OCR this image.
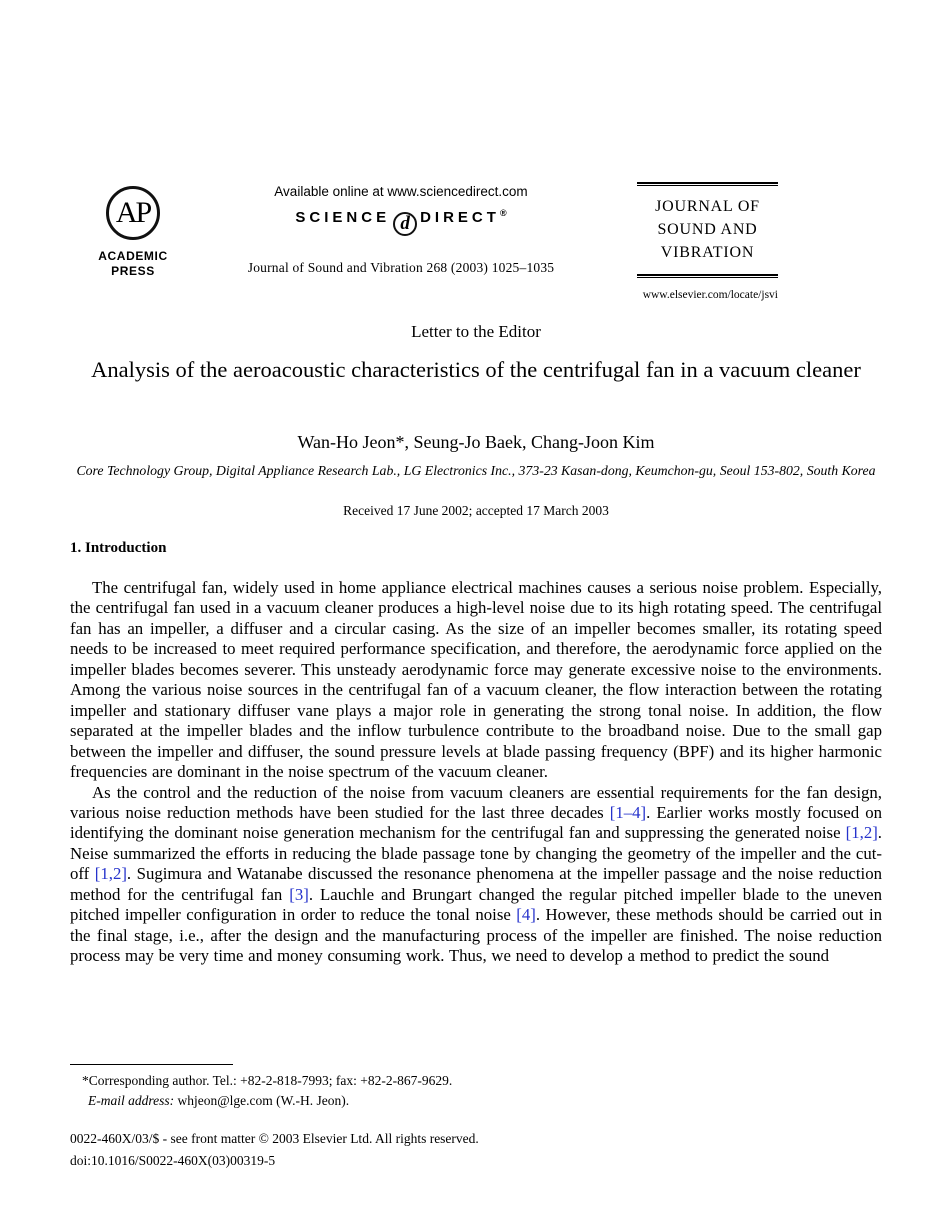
AP
ACADEMIC
PRESS
Available online at www.sciencedirect.com
SCIENCE d DIRECT®
Journal of Sound and Vibration 268 (2003) 1025–1035
JOURNAL OF
SOUND AND
VIBRATION
www.elsevier.com/locate/jsvi
Letter to the Editor
Analysis of the aeroacoustic characteristics of the centrifugal fan in a vacuum cleaner
Wan-Ho Jeon*, Seung-Jo Baek, Chang-Joon Kim
Core Technology Group, Digital Appliance Research Lab., LG Electronics Inc., 373-23 Kasan-dong, Keumchon-gu, Seoul 153-802, South Korea
Received 17 June 2002; accepted 17 March 2003
1. Introduction

The centrifugal fan, widely used in home appliance electrical machines causes a serious noise problem. Especially, the centrifugal fan used in a vacuum cleaner produces a high-level noise due to its high rotating speed. The centrifugal fan has an impeller, a diffuser and a circular casing. As the size of an impeller becomes smaller, its rotating speed needs to be increased to meet required performance specification, and therefore, the aerodynamic force applied on the impeller blades becomes severer. This unsteady aerodynamic force may generate excessive noise to the environments. Among the various noise sources in the centrifugal fan of a vacuum cleaner, the flow interaction between the rotating impeller and stationary diffuser vane plays a major role in generating the strong tonal noise. In addition, the flow separated at the impeller blades and the inflow turbulence contribute to the broadband noise. Due to the small gap between the impeller and diffuser, the sound pressure levels at blade passing frequency (BPF) and its higher harmonic frequencies are dominant in the noise spectrum of the vacuum cleaner.

As the control and the reduction of the noise from vacuum cleaners are essential requirements for the fan design, various noise reduction methods have been studied for the last three decades [1–4]. Earlier works mostly focused on identifying the dominant noise generation mechanism for the centrifugal fan and suppressing the generated noise [1,2]. Neise summarized the efforts in reducing the blade passage tone by changing the geometry of the impeller and the cut-off [1,2]. Sugimura and Watanabe discussed the resonance phenomena at the impeller passage and the noise reduction method for the centrifugal fan [3]. Lauchle and Brungart changed the regular pitched impeller blade to the uneven pitched impeller configuration in order to reduce the tonal noise [4]. However, these methods should be carried out in the final stage, i.e., after the design and the manufacturing process of the impeller are finished. The noise reduction process may be very time and money consuming work. Thus, we need to develop a method to predict the sound

*Corresponding author. Tel.: +82-2-818-7993; fax: +82-2-867-9629.

E-mail address: whjeon@lge.com (W.-H. Jeon).

0022-460X/03/$ - see front matter © 2003 Elsevier Ltd. All rights reserved.

doi:10.1016/S0022-460X(03)00319-5
